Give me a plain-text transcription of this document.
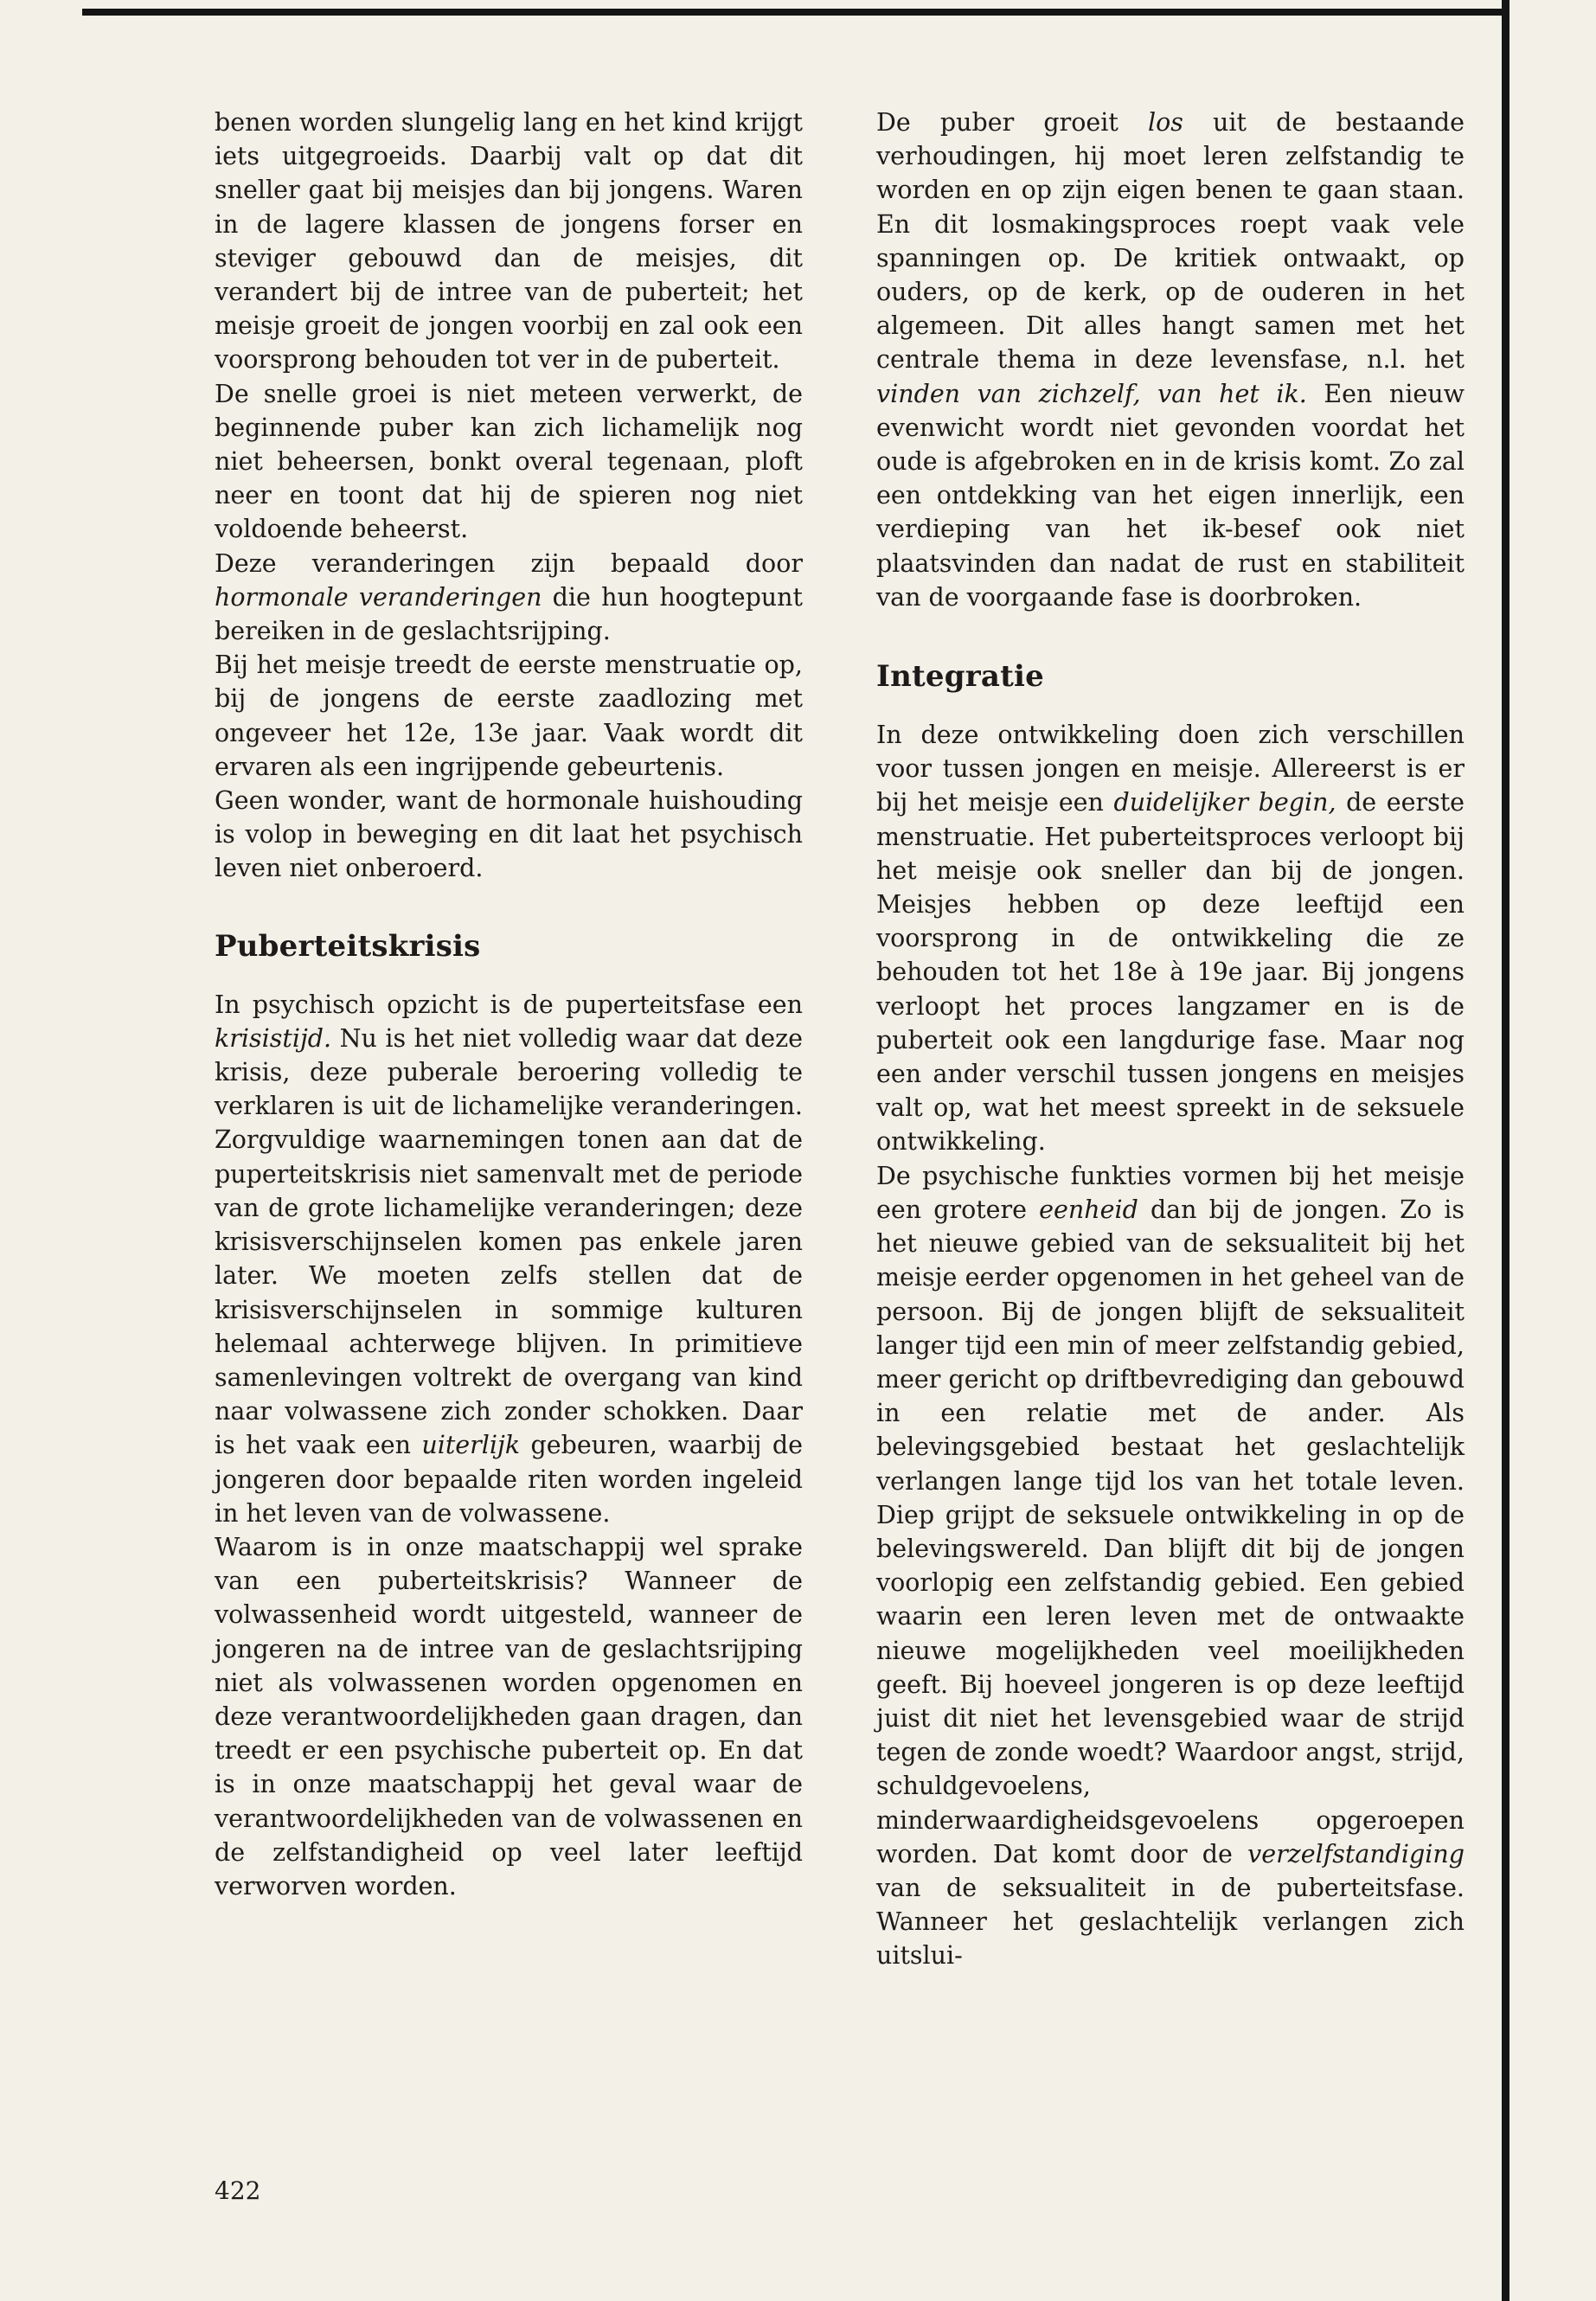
benen worden slungelig lang en het kind krijgt iets uitgegroeids. Daarbij valt op dat dit sneller gaat bij meisjes dan bij jongens. Waren in de lagere klassen de jongens forser en steviger gebouwd dan de meisjes, dit verandert bij de intree van de puberteit; het meisje groeit de jongen voorbij en zal ook een voorsprong behouden tot ver in de puberteit.

De snelle groei is niet meteen verwerkt, de beginnende puber kan zich lichamelijk nog niet beheersen, bonkt overal tegenaan, ploft neer en toont dat hij de spieren nog niet voldoende beheerst.

Deze veranderingen zijn bepaald door hormonale veranderingen die hun hoogtepunt bereiken in de geslachtsrijping.

Bij het meisje treedt de eerste menstruatie op, bij de jongens de eerste zaadlozing met ongeveer het 12e, 13e jaar. Vaak wordt dit ervaren als een ingrijpende gebeurtenis.

Geen wonder, want de hormonale huishouding is volop in beweging en dit laat het psychisch leven niet onberoerd.

Puberteitskrisis

In psychisch opzicht is de puperteitsfase een krisistijd. Nu is het niet volledig waar dat deze krisis, deze puberale beroering volledig te verklaren is uit de lichamelijke veranderingen. Zorgvuldige waarnemingen tonen aan dat de puperteitskrisis niet samenvalt met de periode van de grote lichamelijke veranderingen; deze krisisverschijnselen komen pas enkele jaren later. We moeten zelfs stellen dat de krisisverschijnselen in sommige kulturen helemaal achterwege blijven. In primitieve samenlevingen voltrekt de overgang van kind naar volwassene zich zonder schokken. Daar is het vaak een uiterlijk gebeuren, waarbij de jongeren door bepaalde riten worden ingeleid in het leven van de volwassene.

Waarom is in onze maatschappij wel sprake van een puberteitskrisis? Wanneer de volwassenheid wordt uitgesteld, wanneer de jongeren na de intree van de geslachtsrijping niet als volwassenen worden opgenomen en deze verantwoordelijkheden gaan dragen, dan treedt er een psychische puberteit op. En dat is in onze maatschappij het geval waar de verantwoordelijkheden van de volwassenen en de zelfstandigheid op veel later leeftijd verworven worden.

De puber groeit los uit de bestaande verhoudingen, hij moet leren zelfstandig te worden en op zijn eigen benen te gaan staan. En dit losmakingsproces roept vaak vele spanningen op. De kritiek ontwaakt, op ouders, op de kerk, op de ouderen in het algemeen. Dit alles hangt samen met het centrale thema in deze levensfase, n.l. het vinden van zichzelf, van het ik. Een nieuw evenwicht wordt niet gevonden voordat het oude is afgebroken en in de krisis komt. Zo zal een ontdekking van het eigen innerlijk, een verdieping van het ik-besef ook niet plaatsvinden dan nadat de rust en stabiliteit van de voorgaande fase is doorbroken.

Integratie

In deze ontwikkeling doen zich verschillen voor tussen jongen en meisje. Allereerst is er bij het meisje een duidelijker begin, de eerste menstruatie. Het puberteitsproces verloopt bij het meisje ook sneller dan bij de jongen. Meisjes hebben op deze leeftijd een voorsprong in de ontwikkeling die ze behouden tot het 18e à 19e jaar. Bij jongens verloopt het proces langzamer en is de puberteit ook een langdurige fase. Maar nog een ander verschil tussen jongens en meisjes valt op, wat het meest spreekt in de seksuele ontwikkeling.

De psychische funkties vormen bij het meisje een grotere eenheid dan bij de jongen. Zo is het nieuwe gebied van de seksualiteit bij het meisje eerder opgenomen in het geheel van de persoon. Bij de jongen blijft de seksualiteit langer tijd een min of meer zelfstandig gebied, meer gericht op driftbevrediging dan gebouwd in een relatie met de ander. Als belevingsgebied bestaat het geslachtelijk verlangen lange tijd los van het totale leven. Diep grijpt de seksuele ontwikkeling in op de belevingswereld. Dan blijft dit bij de jongen voorlopig een zelfstandig gebied. Een gebied waarin een leren leven met de ontwaakte nieuwe mogelijkheden veel moeilijkheden geeft. Bij hoeveel jongeren is op deze leeftijd juist dit niet het levensgebied waar de strijd tegen de zonde woedt? Waardoor angst, strijd, schuldgevoelens, minderwaardigheidsgevoelens opgeroepen worden. Dat komt door de verzelfstandiging van de seksualiteit in de puberteitsfase. Wanneer het geslachtelijk verlangen zich uitslui-

422
